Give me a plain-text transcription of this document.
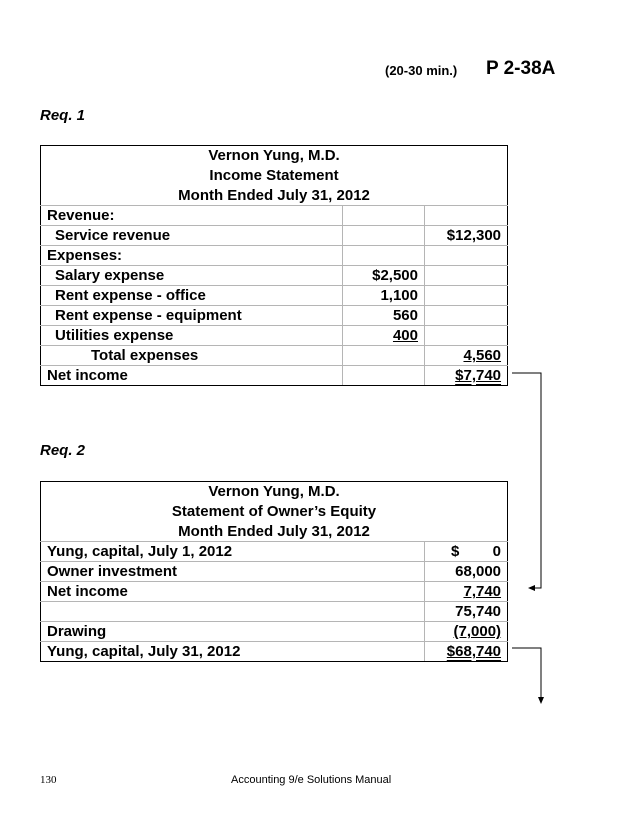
(20-30 min.) P 2-38A
Req. 1
Vernon Yung, M.D.		
Income Statement		
Month Ended July 31, 2012		
Revenue:		
Service revenue		$12,300
Expenses:		
Salary expense	$2,500	
Rent expense - office	1,100	
Rent expense - equipment	560	
Utilities expense	400	
Total expenses		4,560
Net income		$7,740
Req. 2
Vernon Yung, M.D.	
Statement of Owner’s Equity	
Month Ended July 31, 2012	
Yung, capital, July 1, 2012	$        0
Owner investment	68,000
Net income	7,740
	75,740
Drawing	(7,000)
Yung, capital, July 31, 2012	$68,740
130	Accounting 9/e Solutions Manual
